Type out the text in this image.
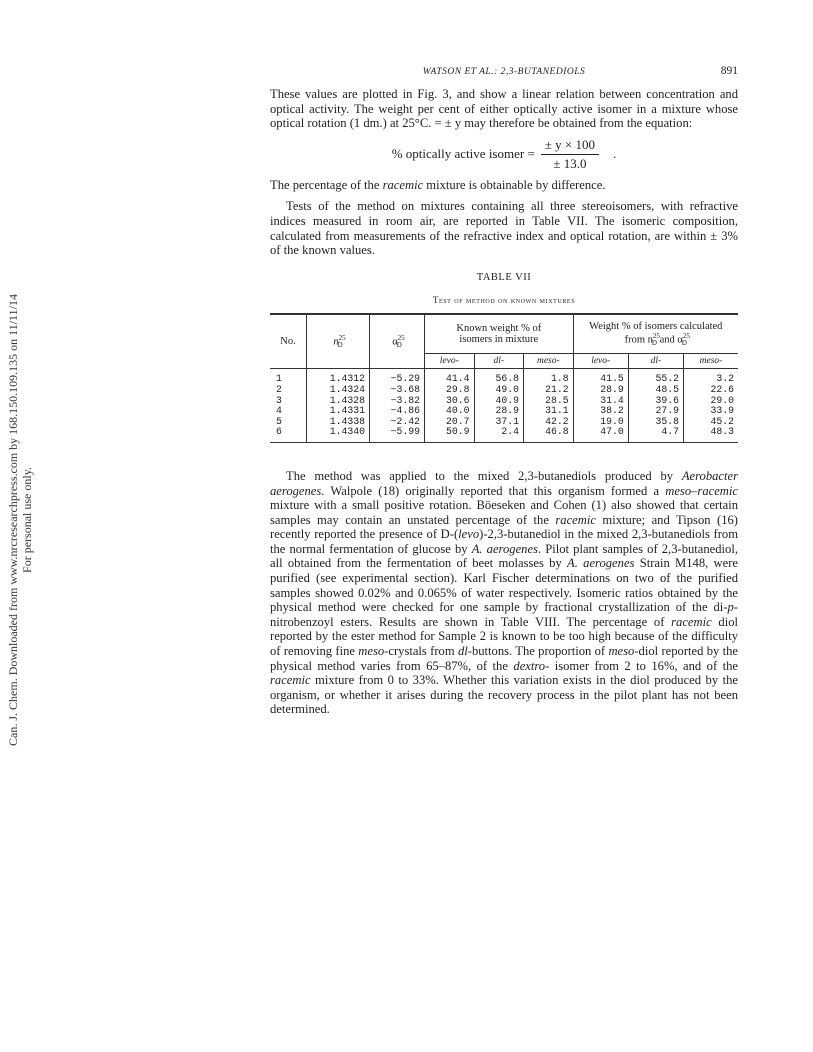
Can. J. Chem. Downloaded from www.nrcresearchpress.com by 168.150.109.135 on 11/11/14 For personal use only.
WATSON ET AL.: 2,3-BUTANEDIOLS	891

These values are plotted in Fig. 3, and show a linear relation between concentration and optical activity. The weight per cent of either optically active isomer in a mixture whose optical rotation (1 dm.) at 25°C. = ± y may therefore be obtained from the equation:

% optically active isomer = $\frac{\pm y \times 100}{\pm 13.0}$ .

The percentage of the racemic mixture is obtainable by difference.

Tests of the method on mixtures containing all three stereoisomers, with refractive indices measured in room air, are reported in Table VII. The isomeric composition, calculated from measurements of the refractive index and optical rotation, are within ± 3% of the known values.

TABLE VII
Test of method on known mixtures
No.	$n^{25}_D$	$\alpha^{25}_D$	Known weight % of isomers in mixture			Weight % of isomers calculated from $n^{25}_D$ and $\alpha^{25}_D$
			levo-	dl-	meso-	levo-	dl-	meso-
1	1.4312	−5.29	41.4	56.8	1.8	41.5	55.2	3.2
2	1.4324	−3.68	29.8	49.0	21.2	28.9	48.5	22.6
3	1.4328	−3.82	30.6	40.9	28.5	31.4	39.6	29.0
4	1.4331	−4.86	40.0	28.9	31.1	38.2	27.9	33.9
5	1.4338	−2.42	20.7	37.1	42.2	19.0	35.8	45.2
6	1.4340	−5.99	50.9	2.4	46.8	47.0	4.7	48.3

The method was applied to the mixed 2,3-butanediols produced by Aerobacter aerogenes. Walpole (18) originally reported that this organism formed a meso–racemic mixture with a small positive rotation. Böeseken and Cohen (1) also showed that certain samples may contain an unstated percentage of the racemic mixture; and Tipson (16) recently reported the presence of D-(levo)-2,3-butanediol in the mixed 2,3-butanediols from the normal fermentation of glucose by A. aerogenes. Pilot plant samples of 2,3-butanediol, all obtained from the fermentation of beet molasses by A. aerogenes Strain M148, were purified (see experimental section). Karl Fischer determinations on two of the purified samples showed 0.02% and 0.065% of water respectively. Isomeric ratios obtained by the physical method were checked for one sample by fractional crystallization of the di-p-nitrobenzoyl esters. Results are shown in Table VIII. The percentage of racemic diol reported by the ester method for Sample 2 is known to be too high because of the difficulty of removing fine meso-crystals from dl-buttons. The proportion of meso-diol reported by the physical method varies from 65–87%, of the dextro- isomer from 2 to 16%, and of the racemic mixture from 0 to 33%. Whether this variation exists in the diol produced by the organism, or whether it arises during the recovery process in the pilot plant has not been determined.
